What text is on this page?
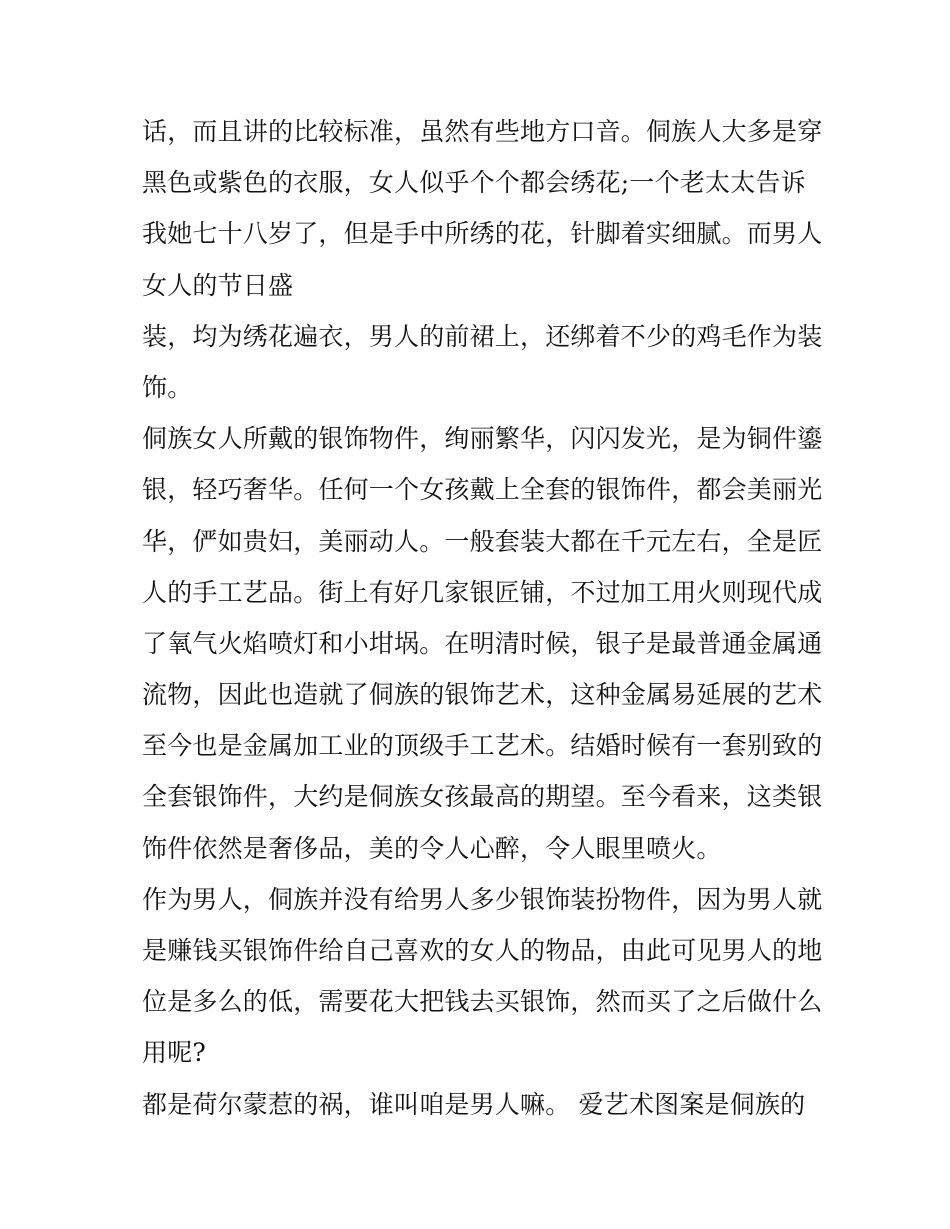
话，而且讲的比较标准，虽然有些地方口音。侗族人大多是穿
黑色或紫色的衣服，女人似乎个个都会绣花;一个老太太告诉
我她七十八岁了，但是手中所绣的花，针脚着实细腻。而男人
女人的节日盛
装，均为绣花遍衣，男人的前裙上，还绑着不少的鸡毛作为装
饰。
侗族女人所戴的银饰物件，绚丽繁华，闪闪发光，是为铜件鎏
银，轻巧奢华。任何一个女孩戴上全套的银饰件，都会美丽光
华，俨如贵妇，美丽动人。一般套装大都在千元左右，全是匠
人的手工艺品。街上有好几家银匠铺，不过加工用火则现代成
了氧气火焰喷灯和小坩埚。在明清时候，银子是最普通金属通
流物，因此也造就了侗族的银饰艺术，这种金属易延展的艺术
至今也是金属加工业的顶级手工艺术。结婚时候有一套别致的
全套银饰件，大约是侗族女孩最高的期望。至今看来，这类银
饰件依然是奢侈品，美的令人心醉，令人眼里喷火。
作为男人，侗族并没有给男人多少银饰装扮物件，因为男人就
是赚钱买银饰件给自己喜欢的女人的物品，由此可见男人的地
位是多么的低，需要花大把钱去买银饰，然而买了之后做什么
用呢?
都是荷尔蒙惹的祸，谁叫咱是男人嘛。 爱艺术图案是侗族的
